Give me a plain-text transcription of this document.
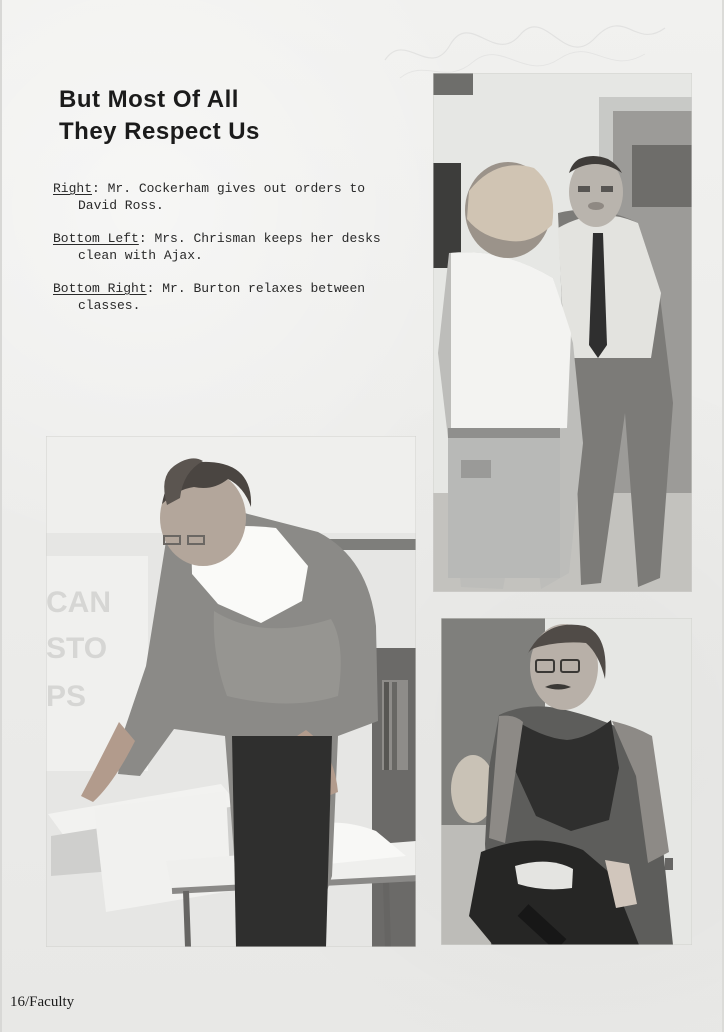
But Most Of All
They Respect Us

Right: Mr. Cockerham gives out orders to
David Ross.

Bottom Left: Mrs. Chrisman keeps her desks
clean with Ajax.

Bottom Right: Mr. Burton relaxes between
classes.

CAN
STO
PS

16/Faculty
